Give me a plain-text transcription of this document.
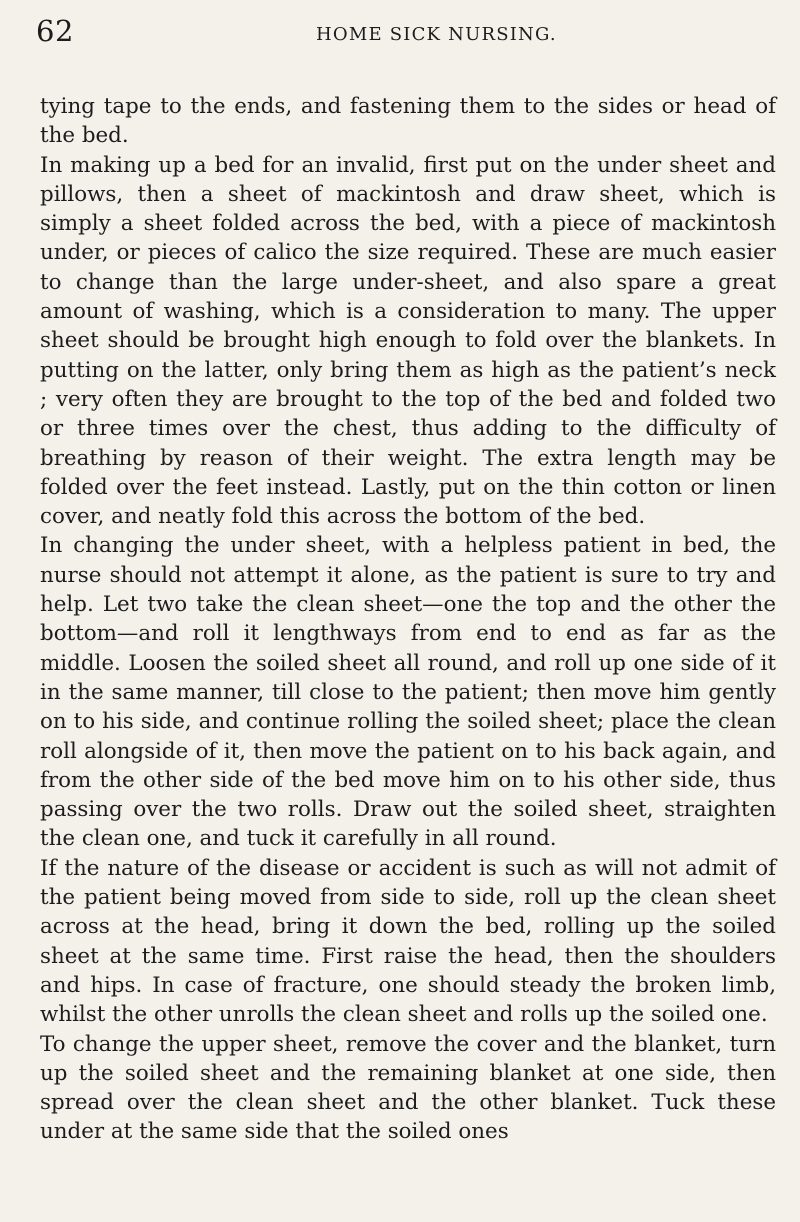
62	HOME SICK NURSING.

tying tape to the ends, and fastening them to the sides or head of the bed.

In making up a bed for an invalid, first put on the under sheet and pillows, then a sheet of mackintosh and draw sheet, which is simply a sheet folded across the bed, with a piece of mackintosh under, or pieces of calico the size required. These are much easier to change than the large under-sheet, and also spare a great amount of washing, which is a consideration to many. The upper sheet should be brought high enough to fold over the blankets. In putting on the latter, only bring them as high as the patient’s neck ; very often they are brought to the top of the bed and folded two or three times over the chest, thus adding to the difficulty of breathing by reason of their weight. The extra length may be folded over the feet instead. Lastly, put on the thin cotton or linen cover, and neatly fold this across the bottom of the bed.

In changing the under sheet, with a helpless patient in bed, the nurse should not attempt it alone, as the patient is sure to try and help. Let two take the clean sheet—one the top and the other the bottom—and roll it lengthways from end to end as far as the middle. Loosen the soiled sheet all round, and roll up one side of it in the same manner, till close to the patient; then move him gently on to his side, and continue rolling the soiled sheet; place the clean roll alongside of it, then move the patient on to his back again, and from the other side of the bed move him on to his other side, thus passing over the two rolls. Draw out the soiled sheet, straighten the clean one, and tuck it carefully in all round.

If the nature of the disease or accident is such as will not admit of the patient being moved from side to side, roll up the clean sheet across at the head, bring it down the bed, rolling up the soiled sheet at the same time. First raise the head, then the shoulders and hips. In case of fracture, one should steady the broken limb, whilst the other unrolls the clean sheet and rolls up the soiled one.

To change the upper sheet, remove the cover and the blanket, turn up the soiled sheet and the remaining blanket at one side, then spread over the clean sheet and the other blanket. Tuck these under at the same side that the soiled ones
